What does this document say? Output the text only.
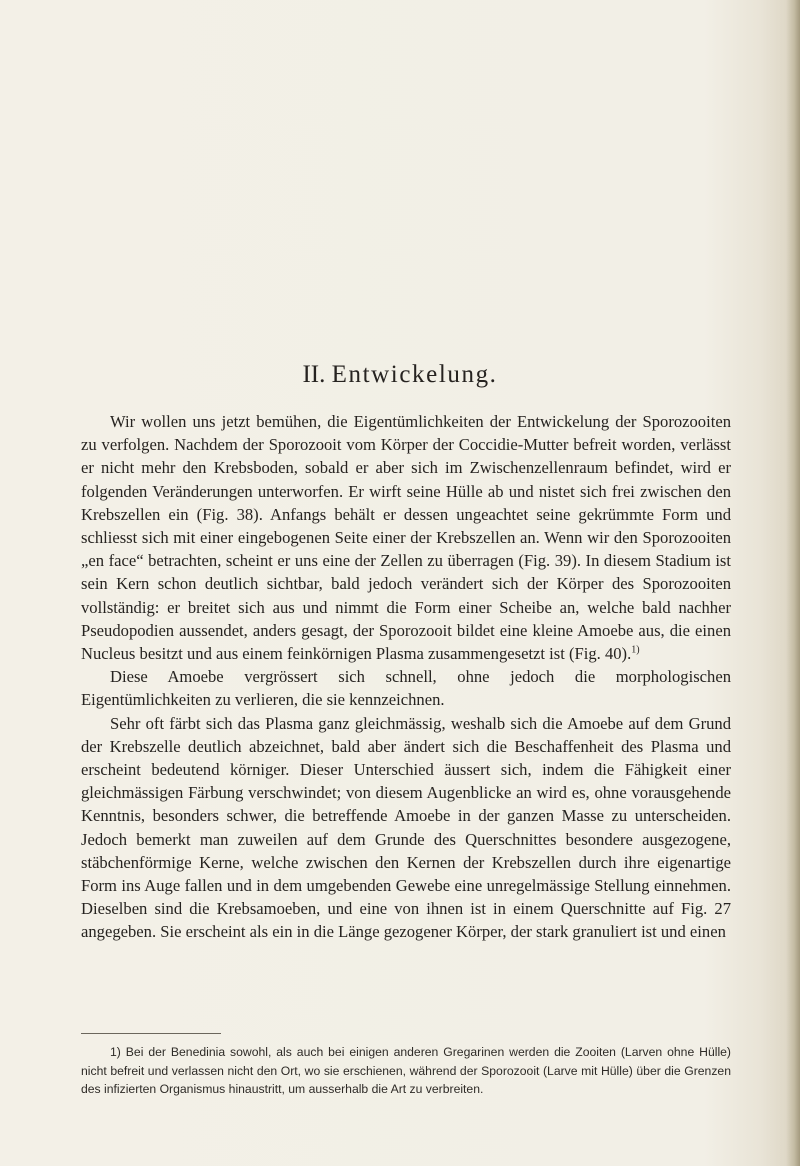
II. Entwickelung.

Wir wollen uns jetzt bemühen, die Eigentümlichkeiten der Entwickelung der Sporozooiten zu verfolgen. Nachdem der Sporozooit vom Körper der Coccidie-Mutter befreit worden, verlässt er nicht mehr den Krebsboden, sobald er aber sich im Zwischenzellenraum befindet, wird er folgenden Veränderungen unterworfen. Er wirft seine Hülle ab und nistet sich frei zwischen den Krebszellen ein (Fig. 38). Anfangs behält er dessen ungeachtet seine gekrümmte Form und schliesst sich mit einer eingebogenen Seite einer der Krebszellen an. Wenn wir den Sporozooiten „en face“ betrachten, scheint er uns eine der Zellen zu überragen (Fig. 39). In diesem Stadium ist sein Kern schon deutlich sichtbar, bald jedoch verändert sich der Körper des Sporozooiten vollständig: er breitet sich aus und nimmt die Form einer Scheibe an, welche bald nachher Pseudopodien aussendet, anders gesagt, der Sporozooit bildet eine kleine Amoebe aus, die einen Nucleus besitzt und aus einem feinkörnigen Plasma zusammengesetzt ist (Fig. 40).$^{1)}$

Diese Amoebe vergrössert sich schnell, ohne jedoch die morphologischen Eigentümlichkeiten zu verlieren, die sie kennzeichnen.

Sehr oft färbt sich das Plasma ganz gleichmässig, weshalb sich die Amoebe auf dem Grund der Krebszelle deutlich abzeichnet, bald aber ändert sich die Beschaffenheit des Plasma und erscheint bedeutend körniger. Dieser Unterschied äussert sich, indem die Fähigkeit einer gleichmässigen Färbung verschwindet; von diesem Augenblicke an wird es, ohne vorausgehende Kenntnis, besonders schwer, die betreffende Amoebe in der ganzen Masse zu unterscheiden. Jedoch bemerkt man zuweilen auf dem Grunde des Querschnittes besondere ausgezogene, stäbchenförmige Kerne, welche zwischen den Kernen der Krebszellen durch ihre eigenartige Form ins Auge fallen und in dem umgebenden Gewebe eine unregelmässige Stellung einnehmen. Dieselben sind die Krebsamoeben, und eine von ihnen ist in einem Querschnitte auf Fig. 27 angegeben. Sie erscheint als ein in die Länge gezogener Körper, der stark granuliert ist und einen

1) Bei der Benedinia sowohl, als auch bei einigen anderen Gregarinen werden die Zooiten (Larven ohne Hülle) nicht befreit und verlassen nicht den Ort, wo sie erschienen, während der Sporozooit (Larve mit Hülle) über die Grenzen des infizierten Organismus hinaustritt, um ausserhalb die Art zu verbreiten.
